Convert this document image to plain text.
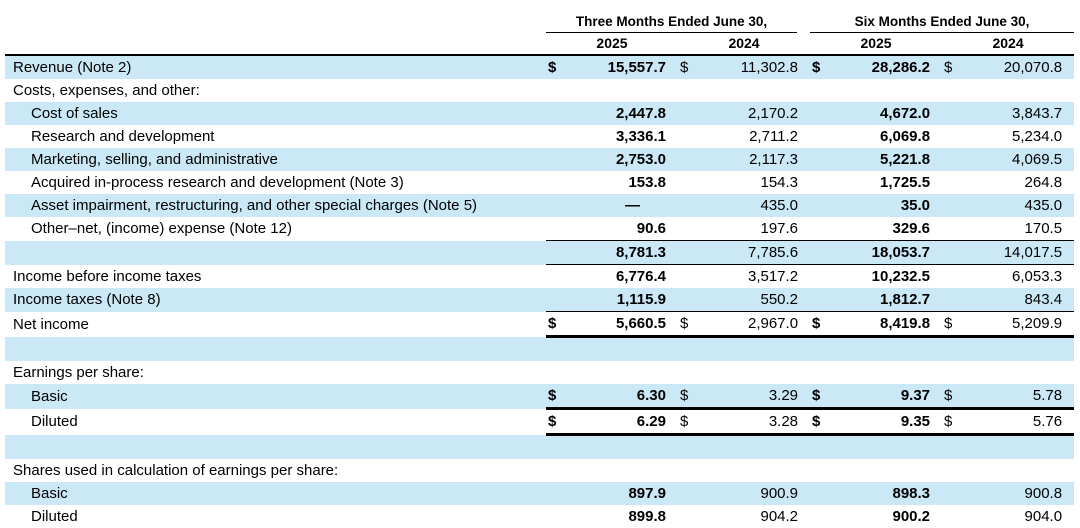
	Three Months Ended June 30,				Six Months Ended June 30,			

	2025		2024		2025		2024	
Revenue (Note 2)	$	15,557.7	$	11,302.8	$	28,286.2	$	20,070.8
Costs, expenses, and other:								
Cost of sales		2,447.8		2,170.2		4,672.0		3,843.7
Research and development		3,336.1		2,711.2		6,069.8		5,234.0
Marketing, selling, and administrative		2,753.0		2,117.3		5,221.8		4,069.5
Acquired in-process research and development (Note 3)		153.8		154.3		1,725.5		264.8
Asset impairment, restructuring, and other special charges (Note 5)		—		435.0		35.0		435.0
Other–net, (income) expense (Note 12)		90.6		197.6		329.6		170.5
		8,781.3		7,785.6		18,053.7		14,017.5
Income before income taxes		6,776.4		3,517.2		10,232.5		6,053.3
Income taxes (Note 8)		1,115.9		550.2		1,812.7		843.4
Net income	$	5,660.5	$	2,967.0	$	8,419.8	$	5,209.9

Earnings per share:								
Basic	$	6.30	$	3.29	$	9.37	$	5.78
Diluted	$	6.29	$	3.28	$	9.35	$	5.76

Shares used in calculation of earnings per share:								
Basic		897.9		900.9		898.3		900.8
Diluted		899.8		904.2		900.2		904.0
